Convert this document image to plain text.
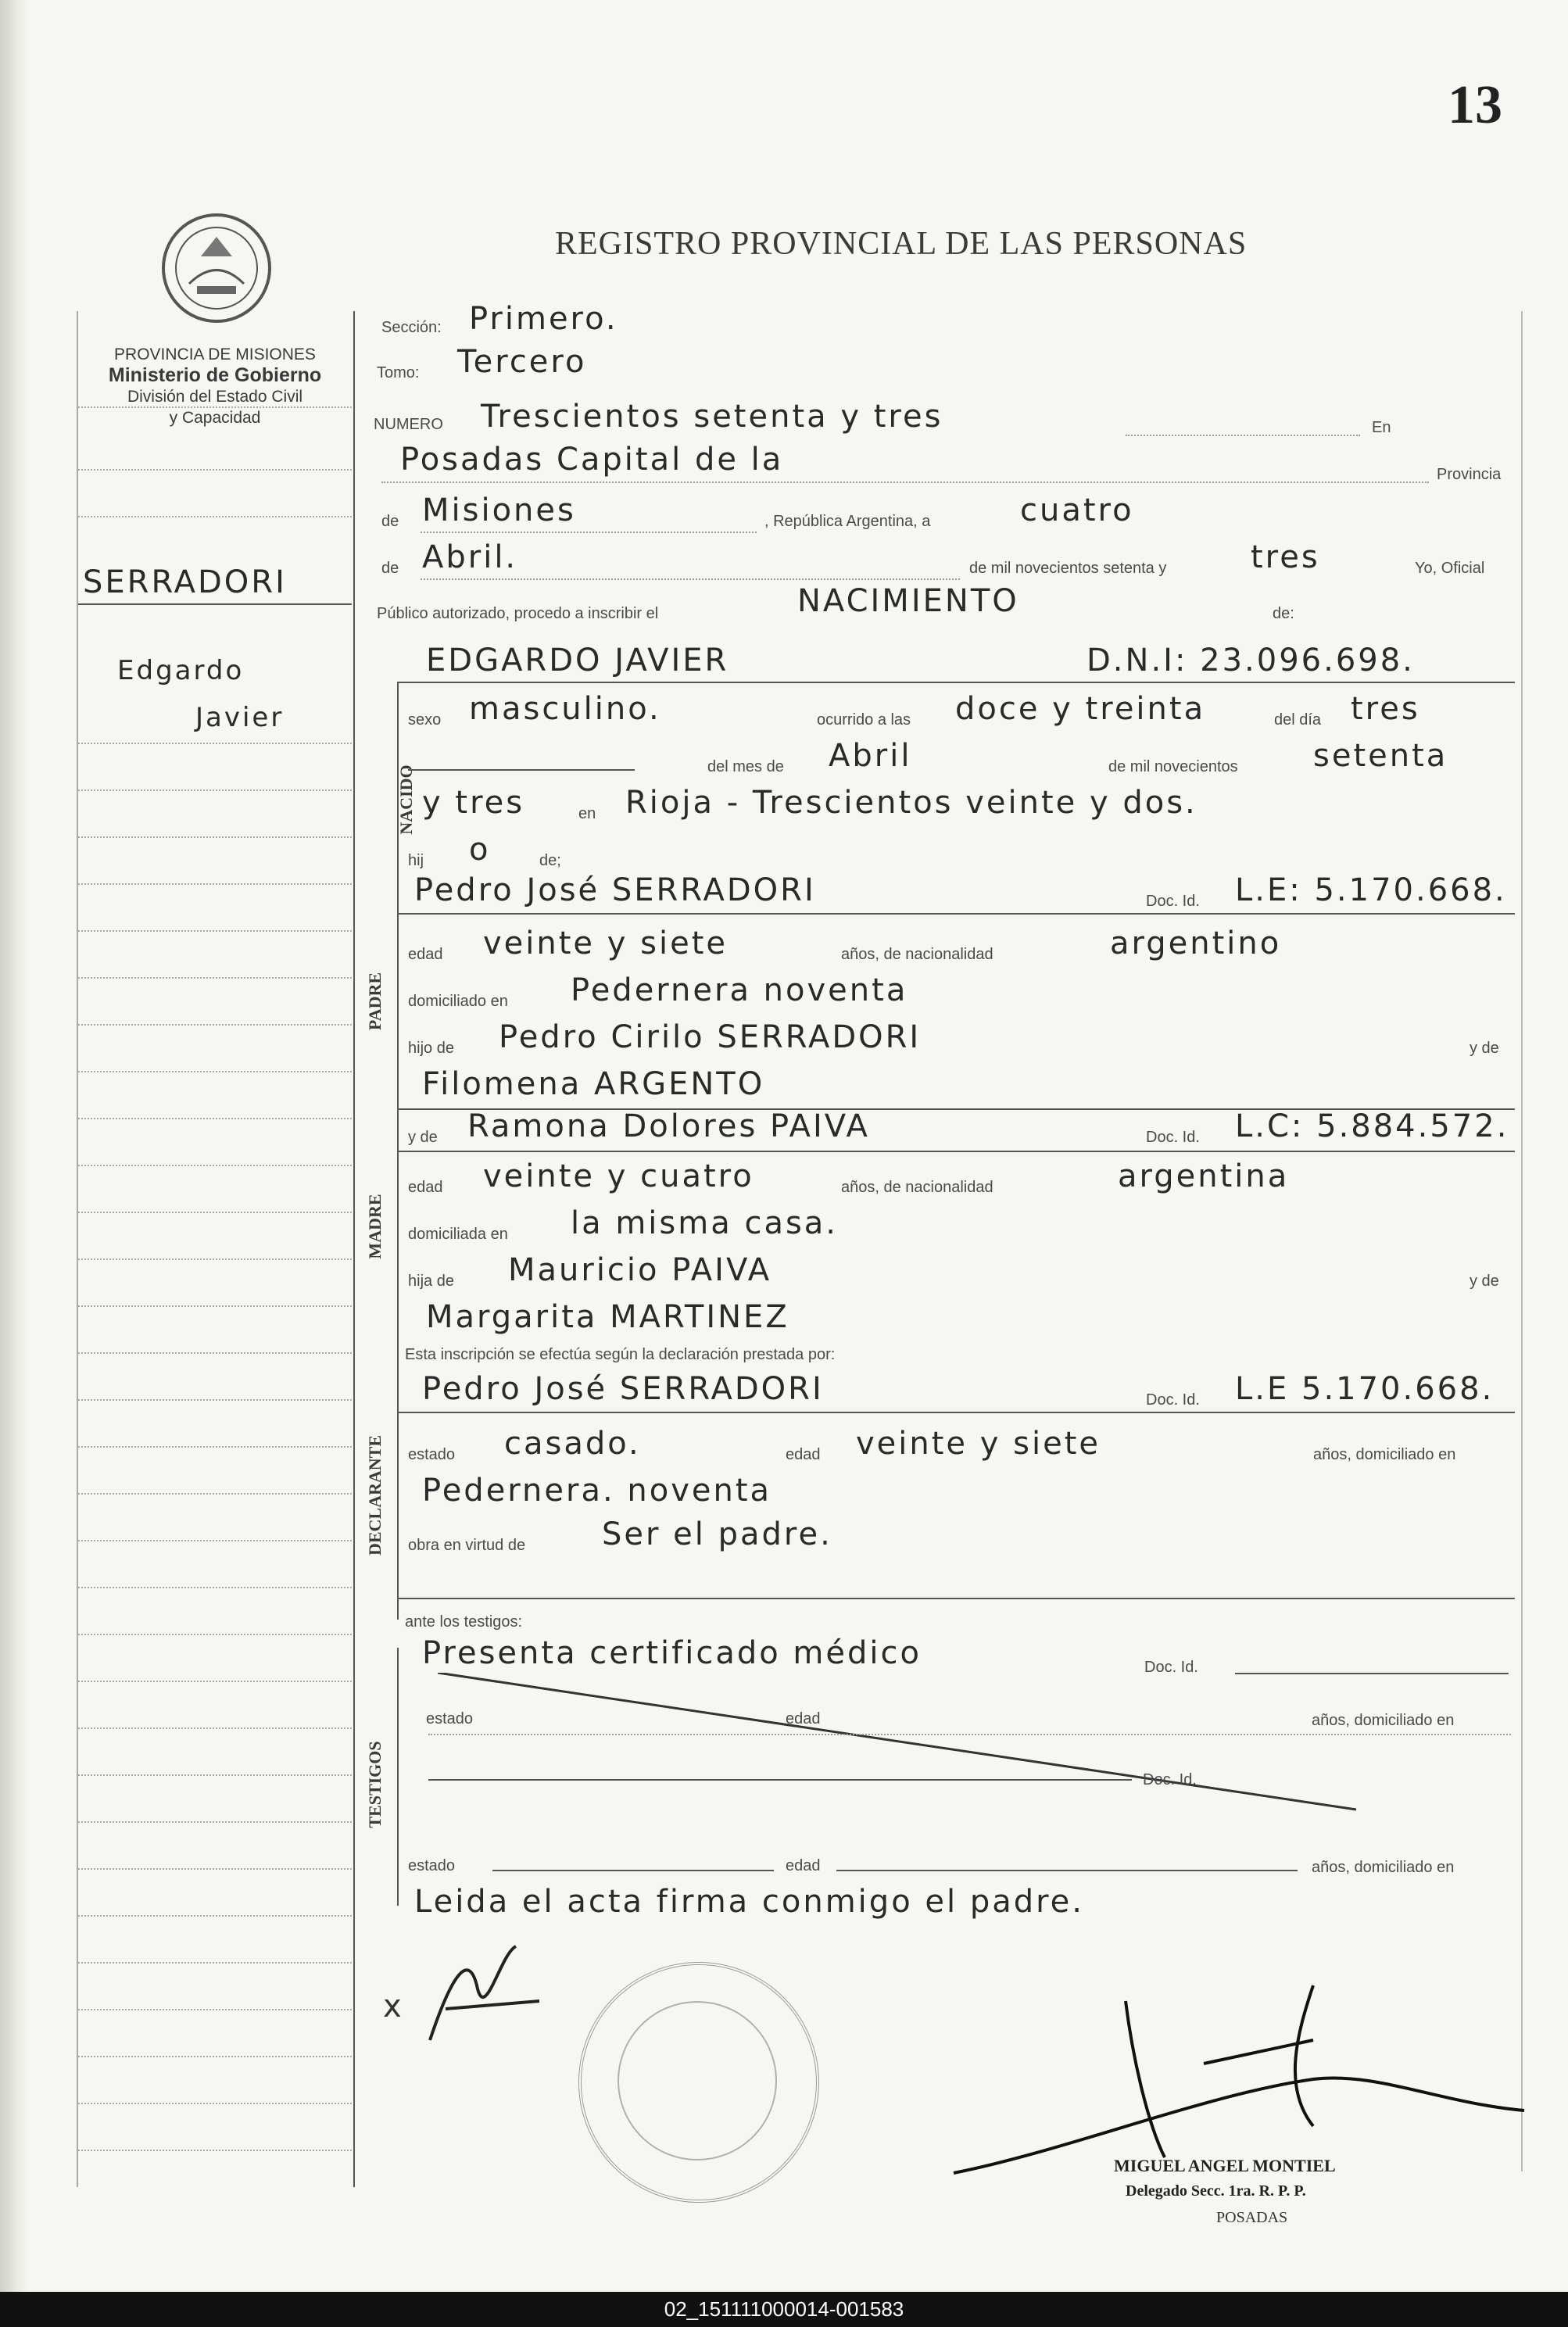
13
REGISTRO PROVINCIAL DE LAS PERSONAS
PROVINCIA DE MISIONES
Ministerio de Gobierno
División del Estado Civil
y Capacidad
SERRADORI
Edgardo
Javier
Sección: Primero.
Tomo: Tercero
NUMERO Trescientos setenta y tres	En
Posadas Capital de la	Provincia
de Misiones	, República Argentina, a	cuatro
de Abril.	de mil novecientos setenta y	tres	Yo, Oficial
Público autorizado, procedo a inscribir el	NACIMIENTO	de:
NACIDO
EDGARDO JAVIER	D.N.I: 23.096.698.
sexo masculino.	ocurrido a las doce y treinta	del día tres
del mes de Abril	de mil novecientos setenta
y tres	en Rioja - Trescientos veinte y dos.
hij o	de;
Pedro José SERRADORI	Doc. Id. L.E: 5.170.668.
PADRE
edad veinte y siete	años, de nacionalidad	argentino
domiciliado en Pedernera noventa
hijo de Pedro Cirilo SERRADORI	y de
Filomena ARGENTO
y de Ramona Dolores PAIVA	Doc. Id. L.C: 5.884.572.
MADRE
edad veinte y cuatro	años, de nacionalidad	argentina
domiciliada en la misma casa.
hija de Mauricio PAIVA	y de
Margarita MARTINEZ
Esta inscripción se efectúa según la declaración prestada por:
Pedro José SERRADORI	Doc. Id. L.E 5.170.668.
DECLARANTE estado casado.	edad veinte y siete	años, domiciliado en
Pedernera. noventa
obra en virtud de Ser el padre.
ante los testigos:
TESTIGOS
Presenta certificado médico	Doc. Id.
estado	edad	años, domiciliado en
Doc. Id.
estado	edad	años, domiciliado en
Leida el acta firma conmigo el padre.
x
MIGUEL ANGEL MONTIEL
Delegado Secc. 1ra. R. P. P.
POSADAS
02_151111000014-001583
